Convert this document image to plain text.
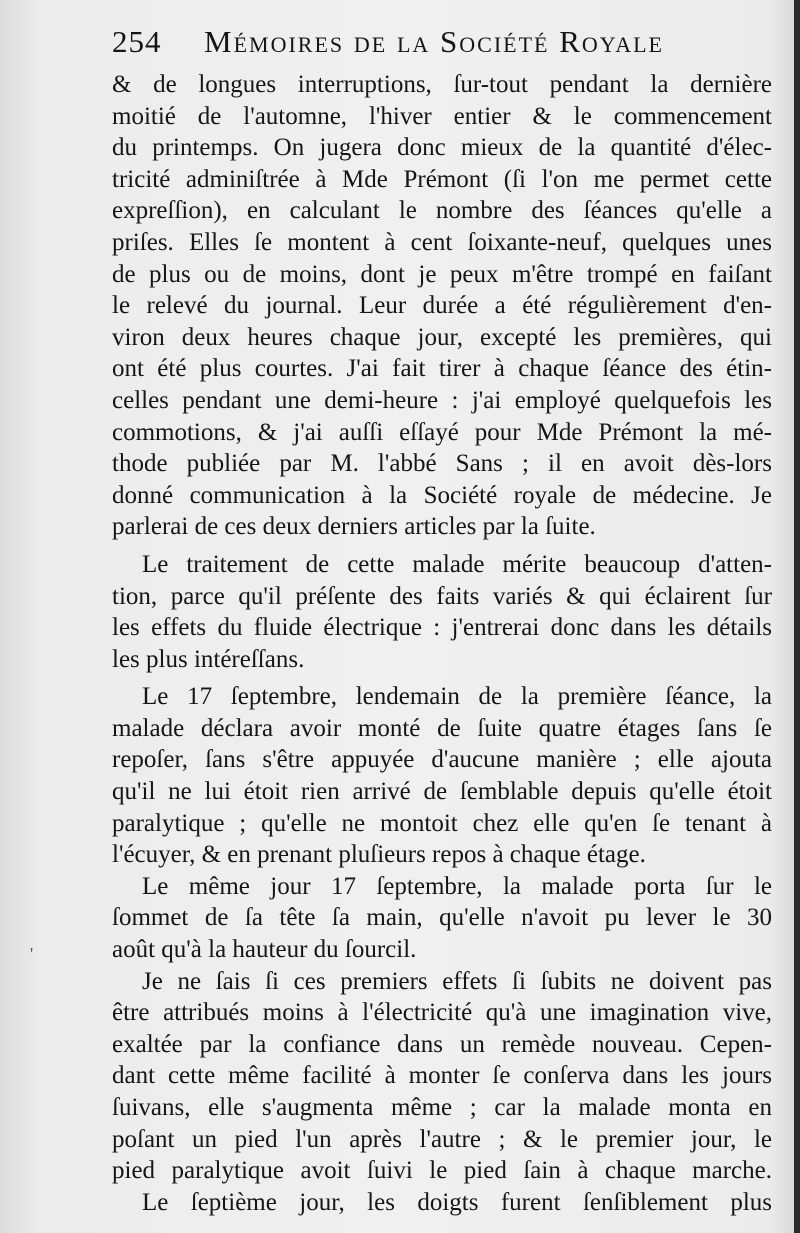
254 Mémoires de la Société Royale
'
& de longues interruptions, ſur-tout pendant la dernière
moitié de l'automne, l'hiver entier & le commencement
du printemps. On jugera donc mieux de la quantité d'élec-
tricité adminiſtrée à Mde Prémont (ſi l'on me permet cette
expreſſion), en calculant le nombre des ſéances qu'elle a
priſes. Elles ſe montent à cent ſoixante-neuf, quelques unes
de plus ou de moins, dont je peux m'être trompé en faiſant
le relevé du journal. Leur durée a été régulièrement d'en-
viron deux heures chaque jour, excepté les premières, qui
ont été plus courtes. J'ai fait tirer à chaque ſéance des étin-
celles pendant une demi-heure : j'ai employé quelquefois les
commotions, & j'ai auſſi eſſayé pour Mde Prémont la mé-
thode publiée par M. l'abbé Sans ; il en avoit dès-lors
donné communication à la Société royale de médecine. Je
parlerai de ces deux derniers articles par la ſuite.
Le traitement de cette malade mérite beaucoup d'atten-
tion, parce qu'il préſente des faits variés & qui éclairent ſur
les effets du fluide électrique : j'entrerai donc dans les détails
les plus intéreſſans.
Le 17 ſeptembre, lendemain de la première ſéance, la
malade déclara avoir monté de ſuite quatre étages ſans ſe
repoſer, ſans s'être appuyée d'aucune manière ; elle ajouta
qu'il ne lui étoit rien arrivé de ſemblable depuis qu'elle étoit
paralytique ; qu'elle ne montoit chez elle qu'en ſe tenant à
l'écuyer, & en prenant pluſieurs repos à chaque étage.
Le même jour 17 ſeptembre, la malade porta ſur le
ſommet de ſa tête ſa main, qu'elle n'avoit pu lever le 30
août qu'à la hauteur du ſourcil.
Je ne ſais ſi ces premiers effets ſi ſubits ne doivent pas
être attribués moins à l'électricité qu'à une imagination vive,
exaltée par la confiance dans un remède nouveau. Cepen-
dant cette même facilité à monter ſe conſerva dans les jours
ſuivans, elle s'augmenta même ; car la malade monta en
poſant un pied l'un après l'autre ; & le premier jour, le
pied paralytique avoit ſuivi le pied ſain à chaque marche.
Le ſeptième jour, les doigts furent ſenſiblement plus
